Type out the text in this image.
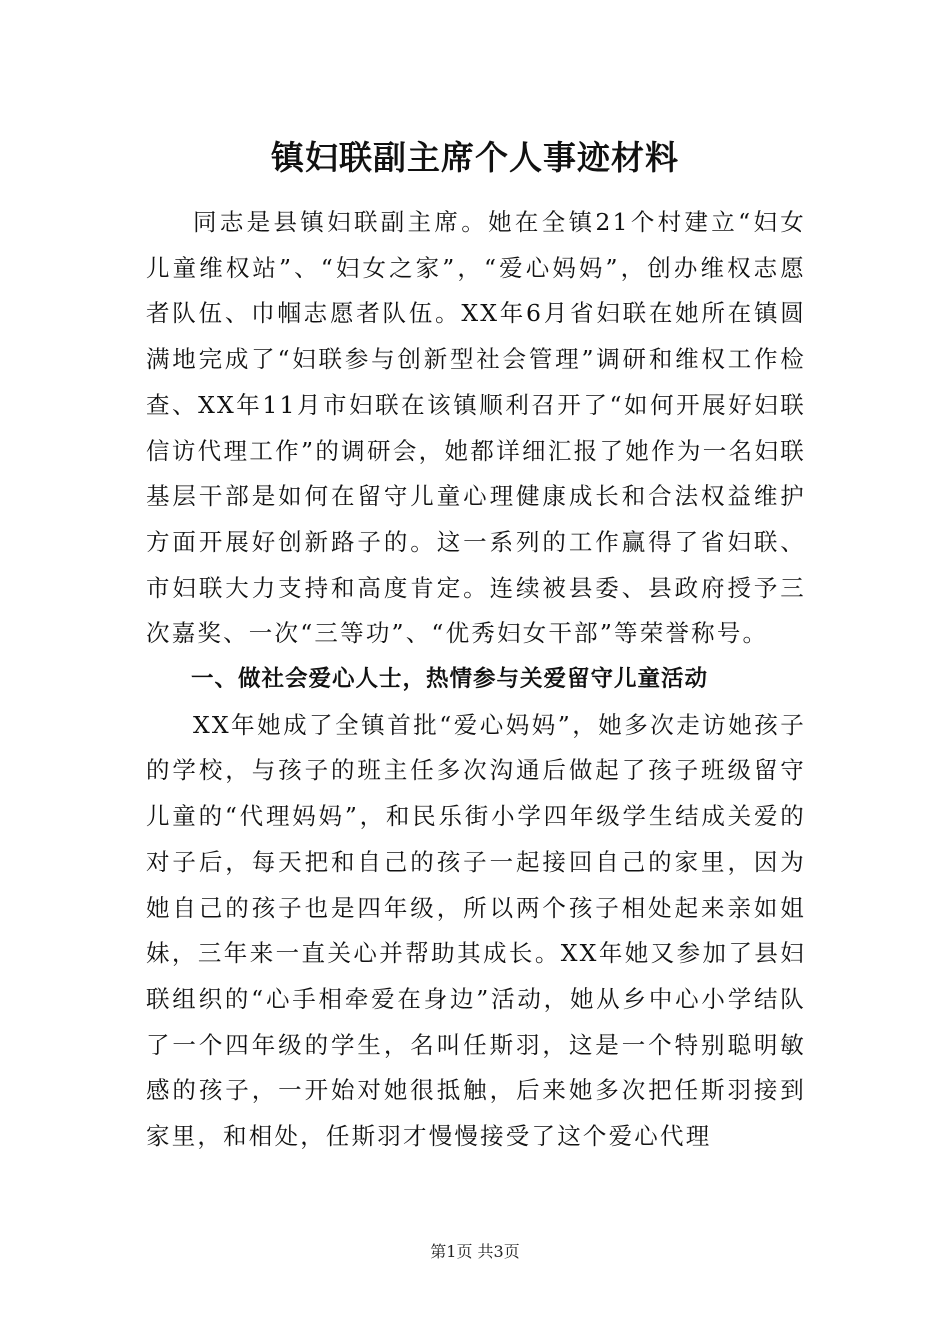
镇妇联副主席个人事迹材料

同志是县镇妇联副主席。她在全镇21个村建立“妇女儿童维权站”、“妇女之家”，“爱心妈妈”，创办维权志愿者队伍、巾帼志愿者队伍。XX年6月省妇联在她所在镇圆满地完成了“妇联参与创新型社会管理”调研和维权工作检查、XX年11月市妇联在该镇顺利召开了“如何开展好妇联信访代理工作”的调研会，她都详细汇报了她作为一名妇联基层干部是如何在留守儿童心理健康成长和合法权益维护方面开展好创新路子的。这一系列的工作赢得了省妇联、市妇联大力支持和高度肯定。连续被县委、县政府授予三次嘉奖、一次“三等功”、“优秀妇女干部”等荣誉称号。

一、做社会爱心人士，热情参与关爱留守儿童活动

XX年她成了全镇首批“爱心妈妈”，她多次走访她孩子的学校，与孩子的班主任多次沟通后做起了孩子班级留守儿童的“代理妈妈”，和民乐街小学四年级学生结成关爱的对子后，每天把和自己的孩子一起接回自己的家里，因为她自己的孩子也是四年级，所以两个孩子相处起来亲如姐妹，三年来一直关心并帮助其成长。XX年她又参加了县妇联组织的“心手相牵爱在身边”活动，她从乡中心小学结队了一个四年级的学生，名叫任斯羽，这是一个特别聪明敏感的孩子，一开始对她很抵触，后来她多次把任斯羽接到家里，和相处，任斯羽才慢慢接受了这个爱心代理

第1页 共3页
